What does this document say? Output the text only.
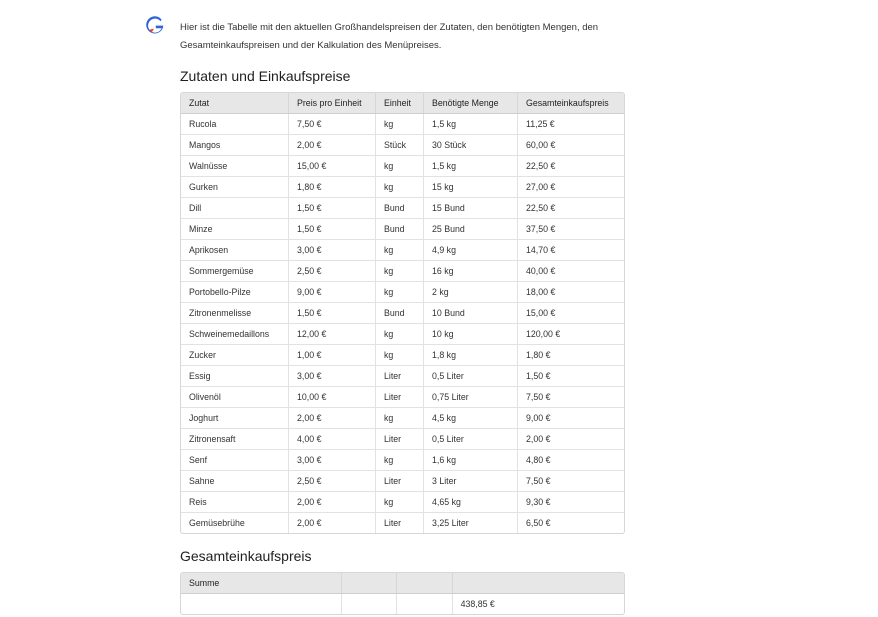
Hier ist die Tabelle mit den aktuellen Großhandelspreisen der Zutaten, den benötigten Mengen, den Gesamteinkaufspreisen und der Kalkulation des Menüpreises.

Zutaten und Einkaufspreise
Zutat	Preis pro Einheit	Einheit	Benötigte Menge	Gesamteinkaufspreis
Rucola	7,50 €	kg	1,5 kg	11,25 €
Mangos	2,00 €	Stück	30 Stück	60,00 €
Walnüsse	15,00 €	kg	1,5 kg	22,50 €
Gurken	1,80 €	kg	15 kg	27,00 €
Dill	1,50 €	Bund	15 Bund	22,50 €
Minze	1,50 €	Bund	25 Bund	37,50 €
Aprikosen	3,00 €	kg	4,9 kg	14,70 €
Sommergemüse	2,50 €	kg	16 kg	40,00 €
Portobello-Pilze	9,00 €	kg	2 kg	18,00 €
Zitronenmelisse	1,50 €	Bund	10 Bund	15,00 €
Schweinemedaillons	12,00 €	kg	10 kg	120,00 €
Zucker	1,00 €	kg	1,8 kg	1,80 €
Essig	3,00 €	Liter	0,5 Liter	1,50 €
Olivenöl	10,00 €	Liter	0,75 Liter	7,50 €
Joghurt	2,00 €	kg	4,5 kg	9,00 €
Zitronensaft	4,00 €	Liter	0,5 Liter	2,00 €
Senf	3,00 €	kg	1,6 kg	4,80 €
Sahne	2,50 €	Liter	3 Liter	7,50 €
Reis	2,00 €	kg	4,65 kg	9,30 €
Gemüsebrühe	2,00 €	Liter	3,25 Liter	6,50 €
Gesamteinkaufspreis
Summe			
			438,85 €
